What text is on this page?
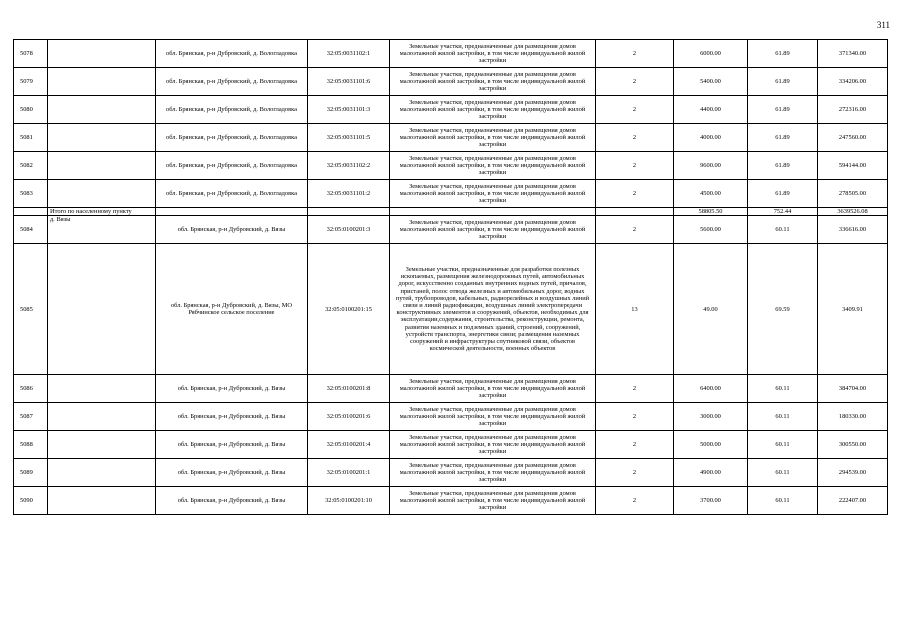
311
5078		обл. Брянская, р-н Дубровский, д. Вологладовка	32:05:0031102:1	Земельные участки, предназначенные для размещения домов малоэтажной жилой застройки, в том числе индивидуальной жилой застройки	2	6000.00	61.89	371340.00
5079		обл. Брянская, р-н Дубровский, д. Вологладовка	32:05:0031101:6	Земельные участки, предназначенные для размещения домов малоэтажной жилой застройки, в том числе индивидуальной жилой застройки	2	5400.00	61.89	334206.00
5080		обл. Брянская, р-н Дубровский, д. Вологладовка	32:05:0031101:3	Земельные участки, предназначенные для размещения домов малоэтажной жилой застройки, в том числе индивидуальной жилой застройки	2	4400.00	61.89	272316.00
5081		обл. Брянская, р-н Дубровский, д. Вологладовка	32:05:0031101:5	Земельные участки, предназначенные для размещения домов малоэтажной жилой застройки, в том числе индивидуальной жилой застройки	2	4000.00	61.89	247560.00
5082		обл. Брянская, р-н Дубровский, д. Вологладовка	32:05:0031102:2	Земельные участки, предназначенные для размещения домов малоэтажной жилой застройки, в том числе индивидуальной жилой застройки	2	9600.00	61.89	594144.00
5083		обл. Брянская, р-н Дубровский, д. Вологладовка	32:05:0031101:2	Земельные участки, предназначенные для размещения домов малоэтажной жилой застройки, в том числе индивидуальной жилой застройки	2	4500.00	61.89	278505.00
	Итого по населенному пункту					58805.50	752.44	3639526.08
5084	д. Вязы	обл. Брянская, р-н Дубровский, д. Вязы	32:05:0100201:3	Земельные участки, предназначенные для размещения домов малоэтажной жилой застройки, в том числе индивидуальной жилой застройки	2	5600.00	60.11	336616.00
5085		обл. Брянская, р-н Дубровский, д. Вязы, МО Рябчинское сельское поселение	32:05:0100201:15	Земельные участки, предназначенные для разработки полезных ископаемых, размещения железнодорожных путей, автомобильных дорог, искусственно созданных внутренних водных путей, причалов, пристаней, полос отвода железных и автомобильных дорог, водных путей, трубопроводов, кабельных, радиорелейных и воздушных линий связи и линий радиофикации, воздушных линий электропередачи конструктивных элементов и сооружений, объектов, необходимых для эксплуатации,содержания, строительства, реконструкции, ремонта, развития наземных и подземных зданий, строений, сооружений, устройств транспорта, энергетики связи; размещения наземных сооружений и инфраструктуры спутниковой связи, объектов космической деятельности, военных объектов	13	49.00	69.59	3409.91
5086		обл. Брянская, р-н Дубровский, д. Вязы	32:05:0100201:8	Земельные участки, предназначенные для размещения домов малоэтажной жилой застройки, в том числе индивидуальной жилой застройки	2	6400.00	60.11	384704.00
5087		обл. Брянская, р-н Дубровский, д. Вязы	32:05:0100201:6	Земельные участки, предназначенные для размещения домов малоэтажной жилой застройки, в том числе индивидуальной жилой застройки	2	3000.00	60.11	180330.00
5088		обл. Брянская, р-н Дубровский, д. Вязы	32:05:0100201:4	Земельные участки, предназначенные для размещения домов малоэтажной жилой застройки, в том числе индивидуальной жилой застройки	2	5000.00	60.11	300550.00
5089		обл. Брянская, р-н Дубровский, д. Вязы	32:05:0100201:1	Земельные участки, предназначенные для размещения домов малоэтажной жилой застройки, в том числе индивидуальной жилой застройки	2	4900.00	60.11	294539.00
5090		обл. Брянская, р-н Дубровский, д. Вязы	32:05:0100201:10	Земельные участки, предназначенные для размещения домов малоэтажной жилой застройки, в том числе индивидуальной жилой застройки	2	3700.00	60.11	222407.00
